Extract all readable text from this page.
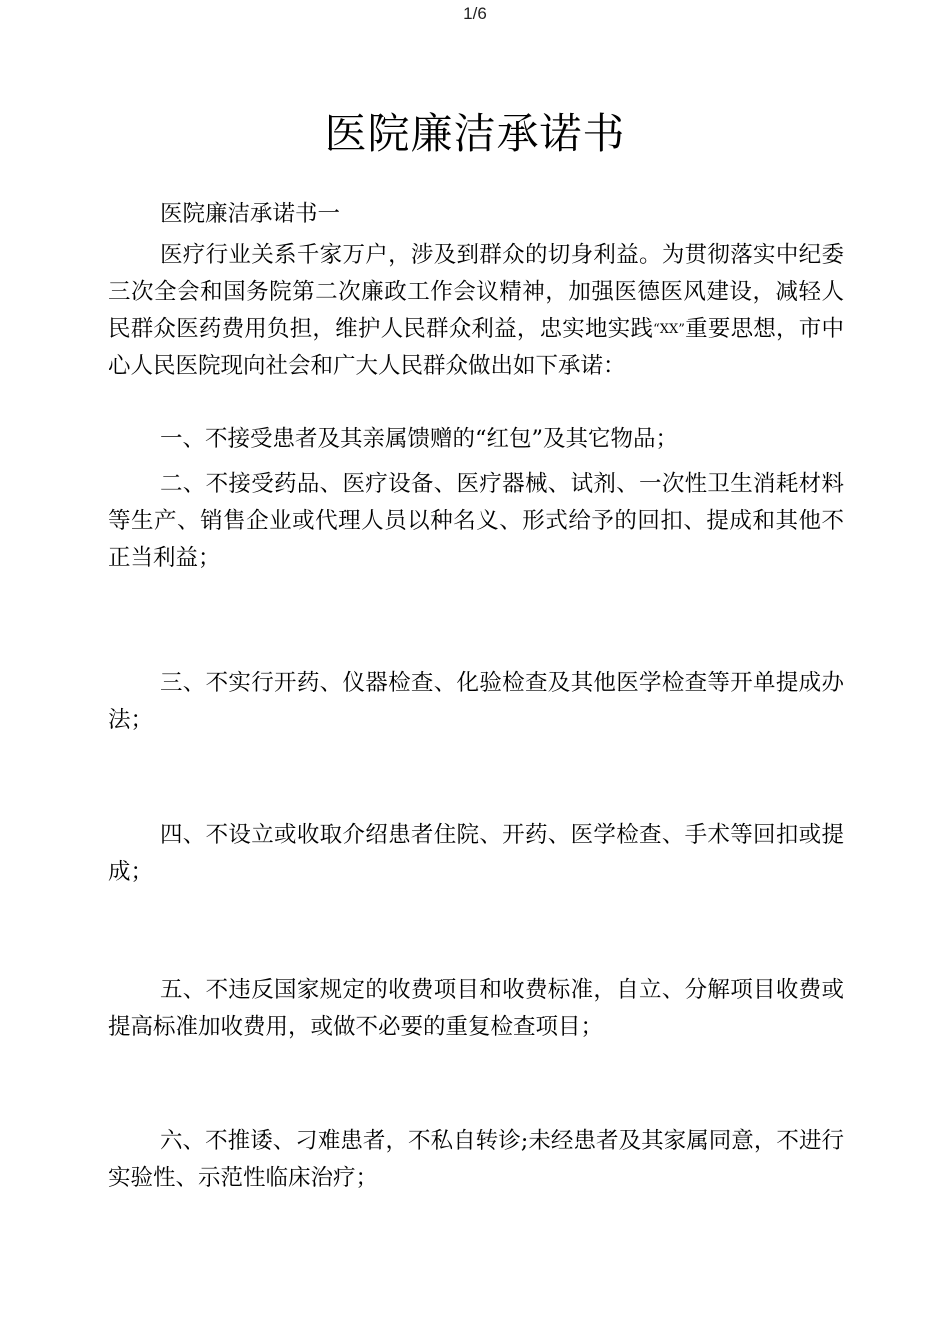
1/6
医院廉洁承诺书

医院廉洁承诺书一

医疗行业关系千家万户，涉及到群众的切身利益。为贯彻落实中纪委三次全会和国务院第二次廉政工作会议精神，加强医德医风建设，减轻人民群众医药费用负担，维护人民群众利益，忠实地实践“XX”重要思想，市中心人民医院现向社会和广大人民群众做出如下承诺：

一、不接受患者及其亲属馈赠的“红包”及其它物品；

二、不接受药品、医疗设备、医疗器械、试剂、一次性卫生消耗材料等生产、销售企业或代理人员以种名义、形式给予的回扣、提成和其他不正当利益；

三、不实行开药、仪器检查、化验检查及其他医学检查等开单提成办法；

四、不设立或收取介绍患者住院、开药、医学检查、手术等回扣或提成；

五、不违反国家规定的收费项目和收费标准，自立、分解项目收费或提高标准加收费用，或做不必要的重复检查项目；

六、不推诿、刁难患者，不私自转诊;未经患者及其家属同意，不进行实验性、示范性临床治疗；
